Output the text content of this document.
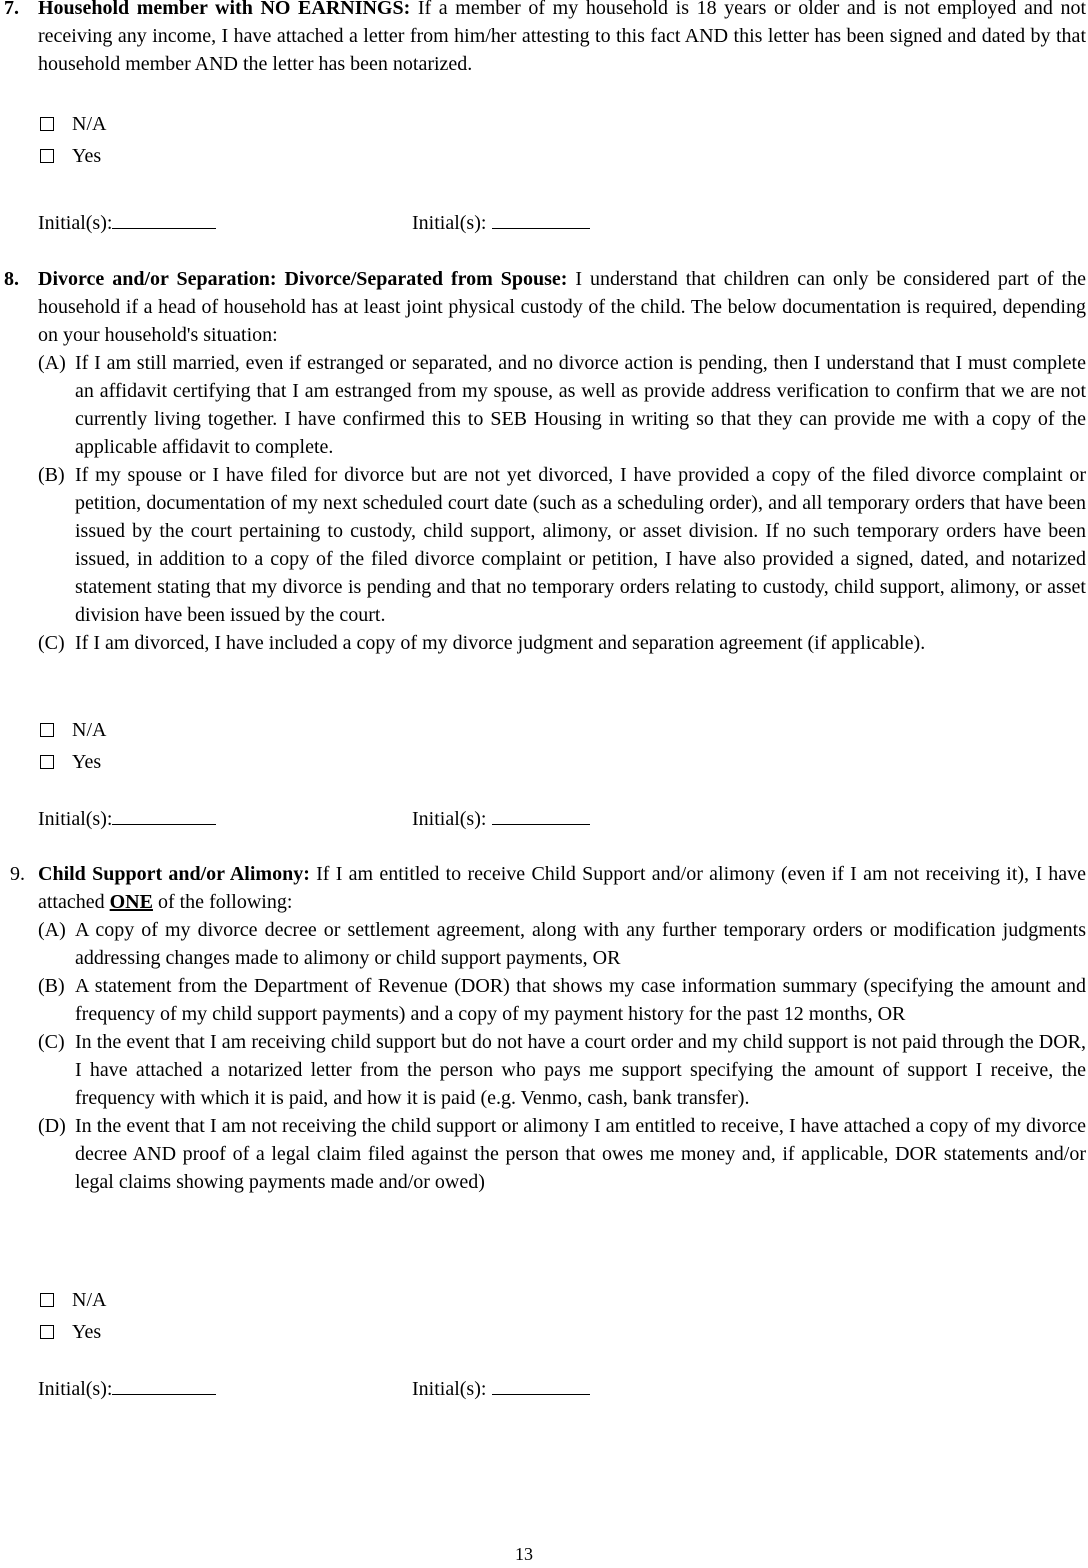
7. Household member with NO EARNINGS: If a member of my household is 18 years or older and is not employed and not receiving any income, I have attached a letter from him/her attesting to this fact AND this letter has been signed and dated by that household member AND the letter has been notarized.
N/A
Yes
Initial(s):	Initial(s):
8. Divorce and/or Separation: Divorce/Separated from Spouse: I understand that children can only be considered part of the household if a head of household has at least joint physical custody of the child. The below documentation is required, depending on your household's situation:
(A) If I am still married, even if estranged or separated, and no divorce action is pending, then I understand that I must complete an affidavit certifying that I am estranged from my spouse, as well as provide address verification to confirm that we are not currently living together. I have confirmed this to SEB Housing in writing so that they can provide me with a copy of the applicable affidavit to complete.
(B) If my spouse or I have filed for divorce but are not yet divorced, I have provided a copy of the filed divorce complaint or petition, documentation of my next scheduled court date (such as a scheduling order), and all temporary orders that have been issued by the court pertaining to custody, child support, alimony, or asset division. If no such temporary orders have been issued, in addition to a copy of the filed divorce complaint or petition, I have also provided a signed, dated, and notarized statement stating that my divorce is pending and that no temporary orders relating to custody, child support, alimony, or asset division have been issued by the court.
(C) If I am divorced, I have included a copy of my divorce judgment and separation agreement (if applicable).
N/A
Yes
Initial(s):	Initial(s):
9. Child Support and/or Alimony: If I am entitled to receive Child Support and/or alimony (even if I am not receiving it), I have attached ONE of the following:
(A) A copy of my divorce decree or settlement agreement, along with any further temporary orders or modification judgments addressing changes made to alimony or child support payments, OR
(B) A statement from the Department of Revenue (DOR) that shows my case information summary (specifying the amount and frequency of my child support payments) and a copy of my payment history for the past 12 months, OR
(C) In the event that I am receiving child support but do not have a court order and my child support is not paid through the DOR, I have attached a notarized letter from the person who pays me support specifying the amount of support I receive, the frequency with which it is paid, and how it is paid (e.g. Venmo, cash, bank transfer).
(D) In the event that I am not receiving the child support or alimony I am entitled to receive, I have attached a copy of my divorce decree AND proof of a legal claim filed against the person that owes me money and, if applicable, DOR statements and/or legal claims showing payments made and/or owed)
N/A
Yes
Initial(s):	Initial(s):
13
